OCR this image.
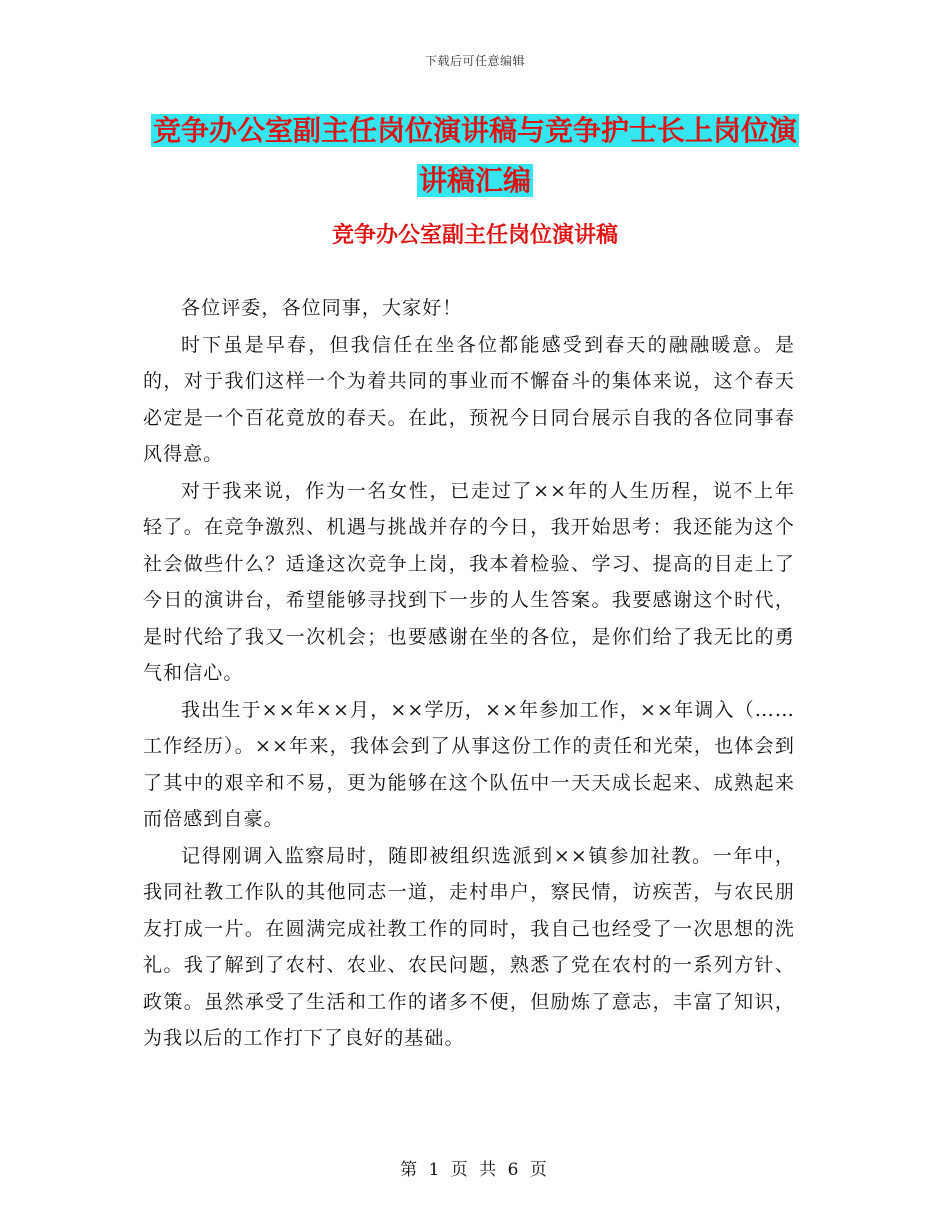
下载后可任意编辑
竞争办公室副主任岗位演讲稿与竞争护士长上岗位演
讲稿汇编
竞争办公室副主任岗位演讲稿

各位评委，各位同事，大家好！

时下虽是早春，但我信任在坐各位都能感受到春天的融融暖意。是的，对于我们这样一个为着共同的事业而不懈奋斗的集体来说，这个春天必定是一个百花竟放的春天。在此，预祝今日同台展示自我的各位同事春风得意。

对于我来说，作为一名女性，已走过了××年的人生历程，说不上年轻了。在竞争激烈、机遇与挑战并存的今日，我开始思考：我还能为这个社会做些什么？适逢这次竞争上岗，我本着检验、学习、提高的目走上了今日的演讲台，希望能够寻找到下一步的人生答案。我要感谢这个时代，是时代给了我又一次机会；也要感谢在坐的各位，是你们给了我无比的勇气和信心。

我出生于××年××月，××学历，××年参加工作，××年调入（……工作经历）。××年来，我体会到了从事这份工作的责任和光荣，也体会到了其中的艰辛和不易，更为能够在这个队伍中一天天成长起来、成熟起来而倍感到自豪。

记得刚调入监察局时，随即被组织选派到××镇参加社教。一年中，我同社教工作队的其他同志一道，走村串户，察民情，访疾苦，与农民朋友打成一片。在圆满完成社教工作的同时，我自己也经受了一次思想的洗礼。我了解到了农村、农业、农民问题，熟悉了党在农村的一系列方针、政策。虽然承受了生活和工作的诸多不便，但励炼了意志，丰富了知识，为我以后的工作打下了良好的基础。

第 1 页 共 6 页
